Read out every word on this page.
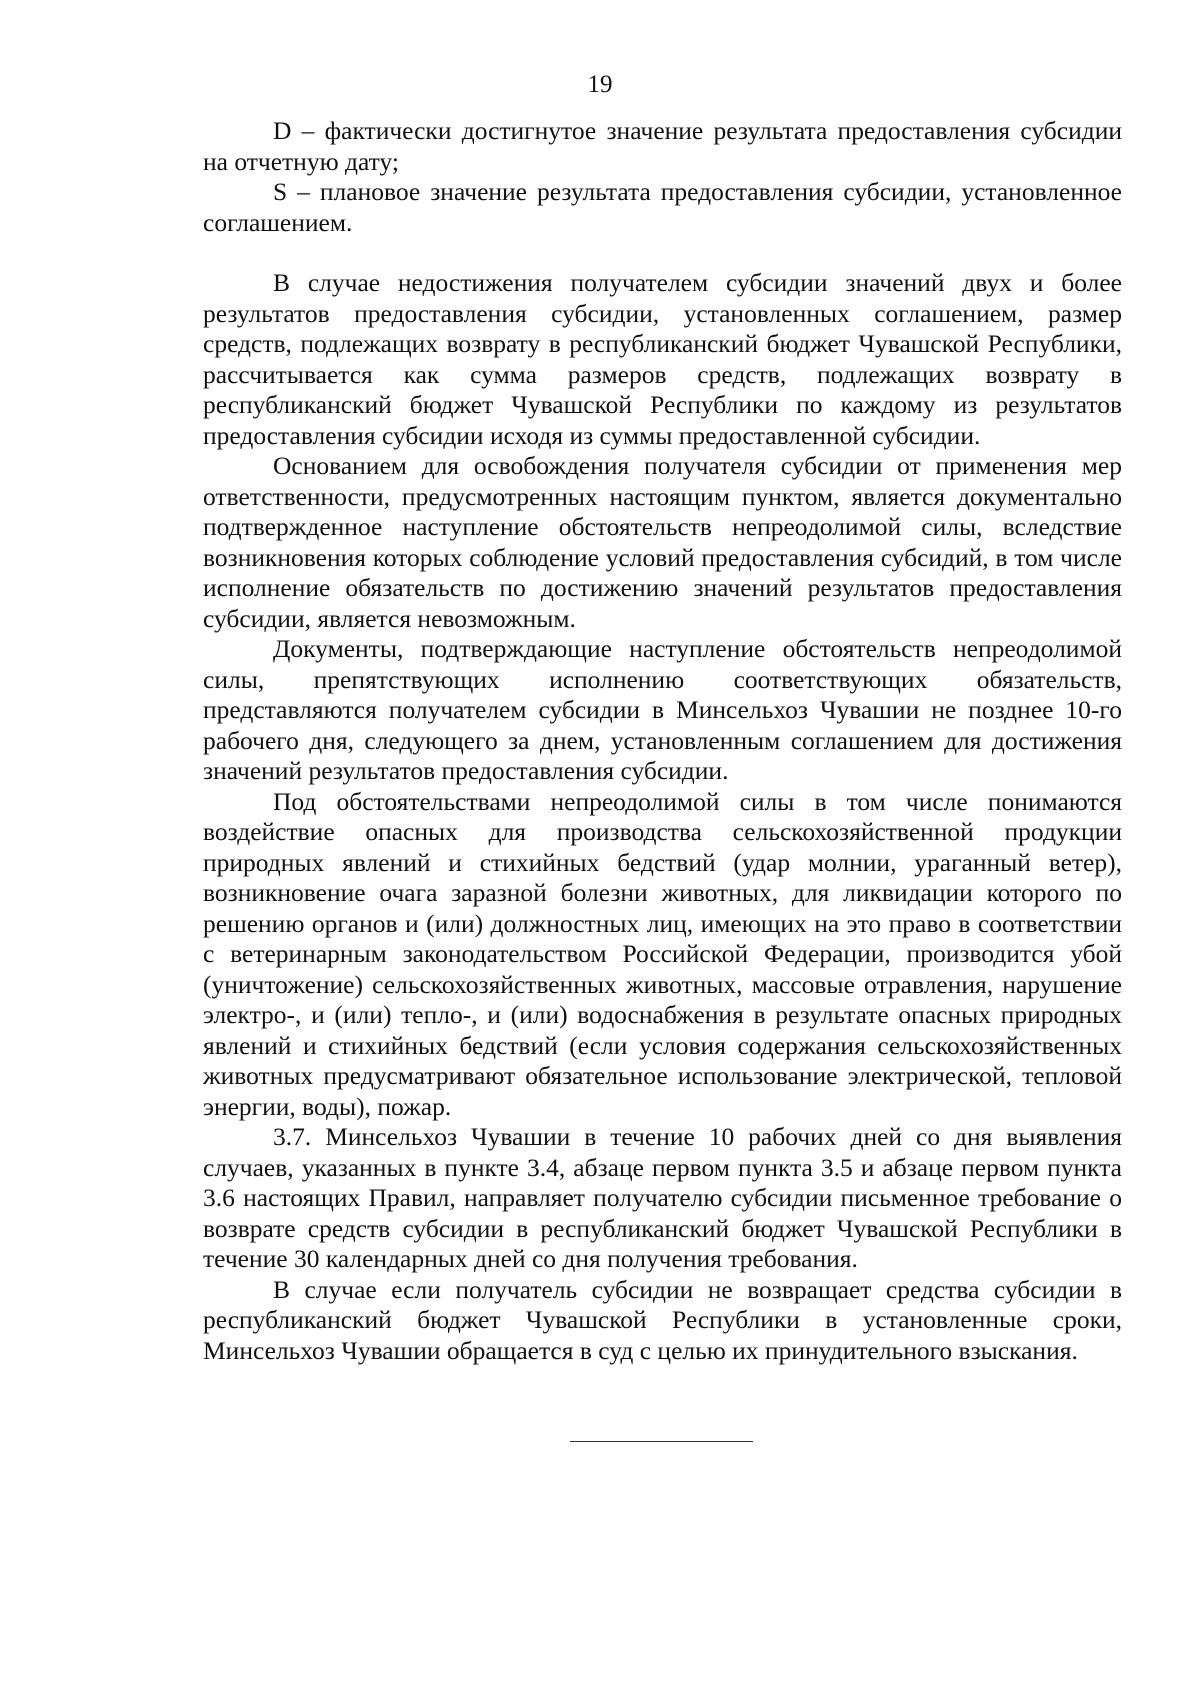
19

D – фактически достигнутое значение результата предоставления субсидии на отчетную дату;

S – плановое значение результата предоставления субсидии, установленное соглашением.

В случае недостижения получателем субсидии значений двух и более результатов предоставления субсидии, установленных соглашением, размер средств, подлежащих возврату в республиканский бюджет Чувашской Республики, рассчитывается как сумма размеров средств, подлежащих возврату в республиканский бюджет Чувашской Республики по каждому из результатов предоставления субсидии исходя из суммы предоставленной субсидии.

Основанием для освобождения получателя субсидии от применения мер ответственности, предусмотренных настоящим пунктом, является документально подтвержденное наступление обстоятельств непреодолимой силы, вследствие возникновения которых соблюдение условий предоставления субсидий, в том числе исполнение обязательств по достижению значений результатов предоставления субсидии, является невозможным.

Документы, подтверждающие наступление обстоятельств непреодолимой силы, препятствующих исполнению соответствующих обязательств, представляются получателем субсидии в Минсельхоз Чувашии не позднее 10-го рабочего дня, следующего за днем, установленным соглашением для достижения значений результатов предоставления субсидии.

Под обстоятельствами непреодолимой силы в том числе понимаются воздействие опасных для производства сельскохозяйственной продукции природных явлений и стихийных бедствий (удар молнии, ураганный ветер), возникновение очага заразной болезни животных, для ликвидации которого по решению органов и (или) должностных лиц, имеющих на это право в соответствии с ветеринарным законодательством Российской Федерации, производится убой (уничтожение) сельскохозяйственных животных, массовые отравления, нарушение электро-, и (или) тепло-, и (или) водоснабжения в результате опасных природных явлений и стихийных бедствий (если условия содержания сельскохозяйственных животных предусматривают обязательное использование электрической, тепловой энергии, воды), пожар.

3.7. Минсельхоз Чувашии в течение 10 рабочих дней со дня выявления случаев, указанных в пункте 3.4, абзаце первом пункта 3.5 и абзаце первом пункта 3.6 настоящих Правил, направляет получателю субсидии письменное требование о возврате средств субсидии в республиканский бюджет Чувашской Республики в течение 30 календарных дней со дня получения требования.

В случае если получатель субсидии не возвращает средства субсидии в республиканский бюджет Чувашской Республики в установленные сроки, Минсельхоз Чувашии обращается в суд с целью их принудительного взыскания.
